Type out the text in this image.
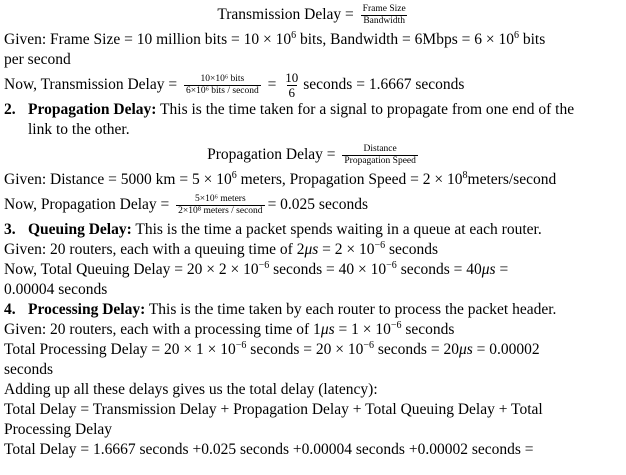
Transmission Delay = $\frac{\text{Frame Size}}{\text{Bandwidth}}$
Given: Frame Size = 10 million bits = $10 \times 10^6$ bits, Bandwidth = 6Mbps = $6 \times 10^6$ bits
per second
Now, Transmission Delay = $\frac{\text{10×10⁶ bits}}{\text{6×10⁶ bits / second}} = \frac{10}{6}$ seconds = 1.6667 seconds
2. Propagation Delay: This is the time taken for a signal to propagate from one end of the
link to the other.
Propagation Delay = $\frac{\text{Distance}}{\text{Propagation Speed}}$
Given: Distance = 5000 km = $5 \times 10^6$ meters, Propagation Speed = $2 \times 10^8meters$/second
Now, Propagation Delay = $\frac{\text{5×10⁶ meters}}{\text{2×10⁸ meters / second}} = 0.025$ seconds
3. Queuing Delay: This is the time a packet spends waiting in a queue at each router.
Given: 20 routers, each with a queuing time of $2\mu s = 2 \times 10^{-6}$ seconds
Now, Total Queuing Delay = $20 \times 2 \times 10^{-6}$ seconds = $40 \times 10^{-6}$ seconds = 40μs =
0.00004 seconds
4. Processing Delay: This is the time taken by each router to process the packet header.
Given: 20 routers, each with a processing time of $1\mu s = 1 \times 10^{-6}$ seconds
Total Processing Delay = $20 \times 1 \times 10^{-6}$ seconds = $20 \times 10^{-6}$ seconds = 20μs = 0.00002
seconds
Adding up all these delays gives us the total delay (latency):
Total Delay = Transmission Delay + Propagation Delay + Total Queuing Delay + Total
Processing Delay
Total Delay = 1.6667 seconds +0.025 seconds +0.00004 seconds +0.00002 seconds =
